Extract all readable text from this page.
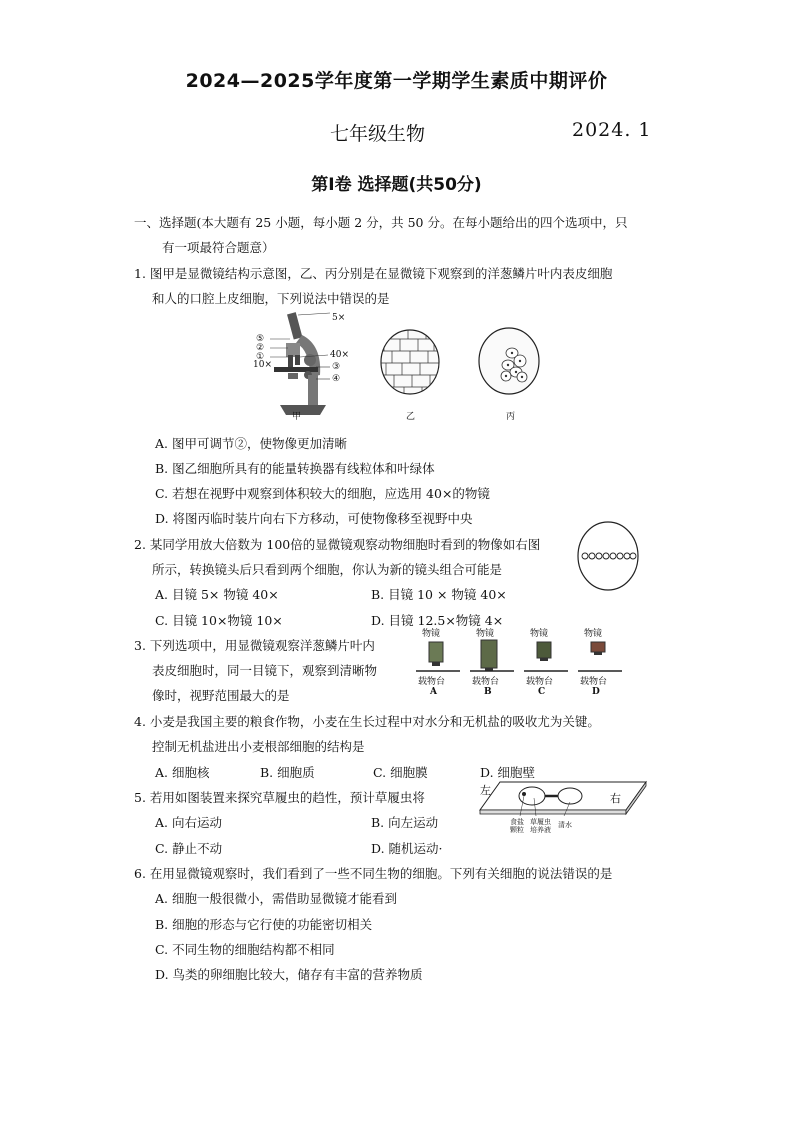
2024—2025学年度第一学期学生素质中期评价
七年级生物	2024. 1
第Ⅰ卷 选择题(共50分)
一、选择题(本大题有 25 小题，每小题 2 分，共 50 分。在每小题给出的四个选项中，只
有一项最符合题意）
1. 图甲是显微镜结构示意图，乙、丙分别是在显微镜下观察到的洋葱鳞片叶内表皮细胞
和人的口腔上皮细胞，下列说法中错误的是
5×
⑤
②
①
10×
40×
③
④
甲	乙	丙
A. 图甲可调节②，使物像更加清晰
B. 图乙细胞所具有的能量转换器有线粒体和叶绿体
C. 若想在视野中观察到体积较大的细胞，应选用 40×的物镜
D. 将图丙临时装片向右下方移动，可使物像移至视野中央
2. 某同学用放大倍数为 100倍的显微镜观察动物细胞时看到的物像如右图
所示，转换镜头后只看到两个细胞，你认为新的镜头组合可能是
A. 目镜 5× 物镜 40×	B. 目镜 10 × 物镜 40×
C. 目镜 10×物镜 10×	D. 目镜 12.5×物镜 4×
3. 下列选项中，用显微镜观察洋葱鳞片叶内
表皮细胞时，同一目镜下，观察到清晰物
像时，视野范围最大的是
物镜
载物台
A
物镜
载物台
B
物镜
载物台
C
物镜
载物台
D
4. 小麦是我国主要的粮食作物，小麦在生长过程中对水分和无机盐的吸收尤为关键。
控制无机盐进出小麦根部细胞的结构是
A. 细胞核	B. 细胞质	C. 细胞膜	D. 细胞壁
5. 若用如图装置来探究草履虫的趋性，预计草履虫将
A. 向右运动	B. 向左运动
C. 静止不动	D. 随机运动·
左
右
食盐颗粒
草履虫培养液
清水
6. 在用显微镜观察时，我们看到了一些不同生物的细胞。下列有关细胞的说法错误的是
A. 细胞一般很微小，需借助显微镜才能看到
B. 细胞的形态与它行使的功能密切相关
C. 不同生物的细胞结构都不相同
D. 鸟类的卵细胞比较大，储存有丰富的营养物质
